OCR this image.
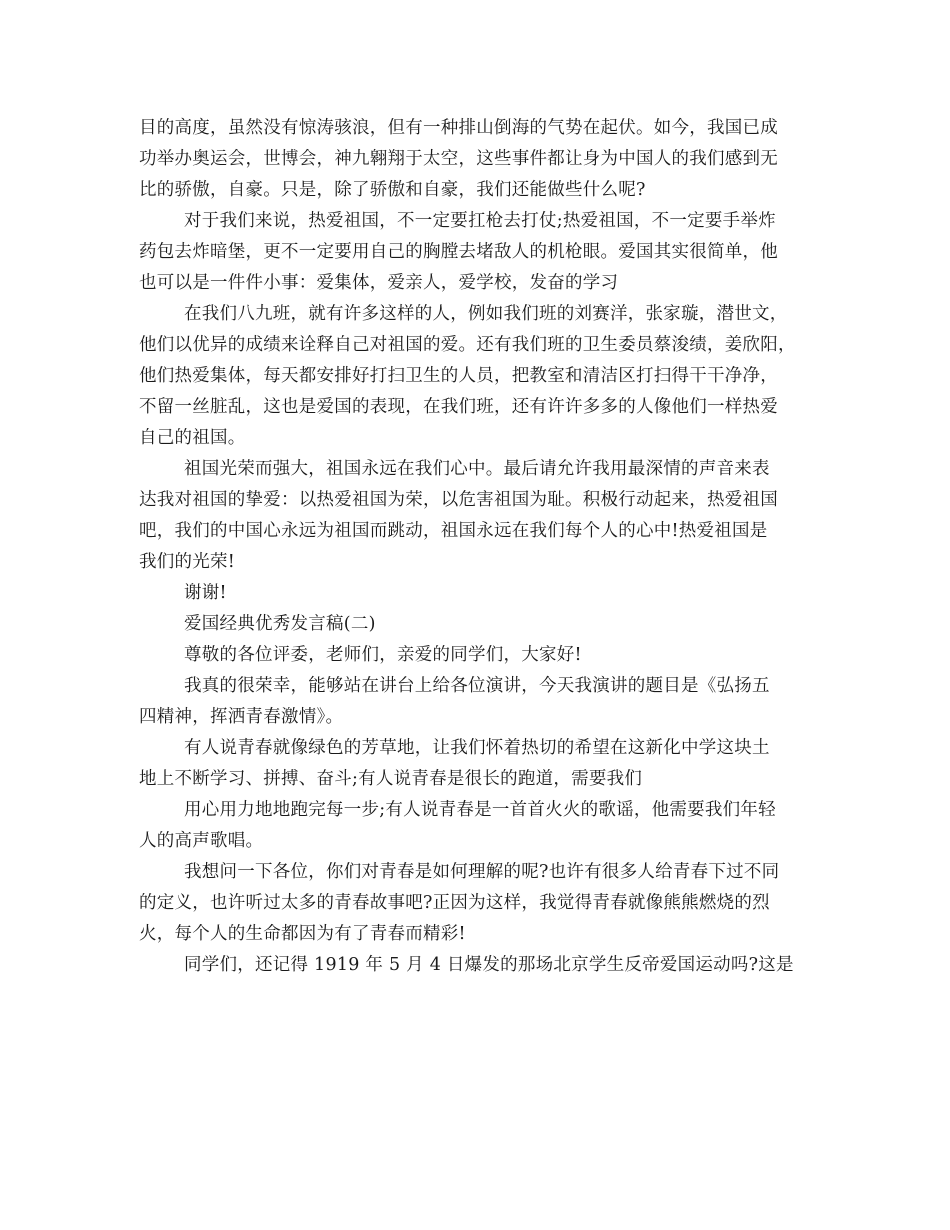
目的高度，虽然没有惊涛骇浪，但有一种排山倒海的气势在起伏。如今，我国已成
功举办奥运会，世博会，神九翱翔于太空，这些事件都让身为中国人的我们感到无
比的骄傲，自豪。只是，除了骄傲和自豪，我们还能做些什么呢?
对于我们来说，热爱祖国，不一定要扛枪去打仗;热爱祖国，不一定要手举炸
药包去炸暗堡，更不一定要用自己的胸膛去堵敌人的机枪眼。爱国其实很简单，他
也可以是一件件小事：爱集体，爱亲人，爱学校，发奋的学习
在我们八九班，就有许多这样的人，例如我们班的刘赛洋，张家璇，潜世文，
他们以优异的成绩来诠释自己对祖国的爱。还有我们班的卫生委员蔡浚绩，姜欣阳，
他们热爱集体，每天都安排好打扫卫生的人员，把教室和清洁区打扫得干干净净，
不留一丝脏乱，这也是爱国的表现，在我们班，还有许许多多的人像他们一样热爱
自己的祖国。
祖国光荣而强大，祖国永远在我们心中。最后请允许我用最深情的声音来表
达我对祖国的挚爱：以热爱祖国为荣，以危害祖国为耻。积极行动起来，热爱祖国
吧，我们的中国心永远为祖国而跳动，祖国永远在我们每个人的心中!热爱祖国是
我们的光荣!
谢谢!
爱国经典优秀发言稿(二)
尊敬的各位评委，老师们，亲爱的同学们，大家好!
我真的很荣幸，能够站在讲台上给各位演讲，今天我演讲的题目是《弘扬五
四精神，挥洒青春激情》。
有人说青春就像绿色的芳草地，让我们怀着热切的希望在这新化中学这块土
地上不断学习、拼搏、奋斗;有人说青春是很长的跑道，需要我们
用心用力地地跑完每一步;有人说青春是一首首火火的歌谣，他需要我们年轻
人的高声歌唱。
我想问一下各位，你们对青春是如何理解的呢?也许有很多人给青春下过不同
的定义，也许听过太多的青春故事吧?正因为这样，我觉得青春就像熊熊燃烧的烈
火，每个人的生命都因为有了青春而精彩!
同学们，还记得 1919 年 5 月 4 日爆发的那场北京学生反帝爱国运动吗?这是
